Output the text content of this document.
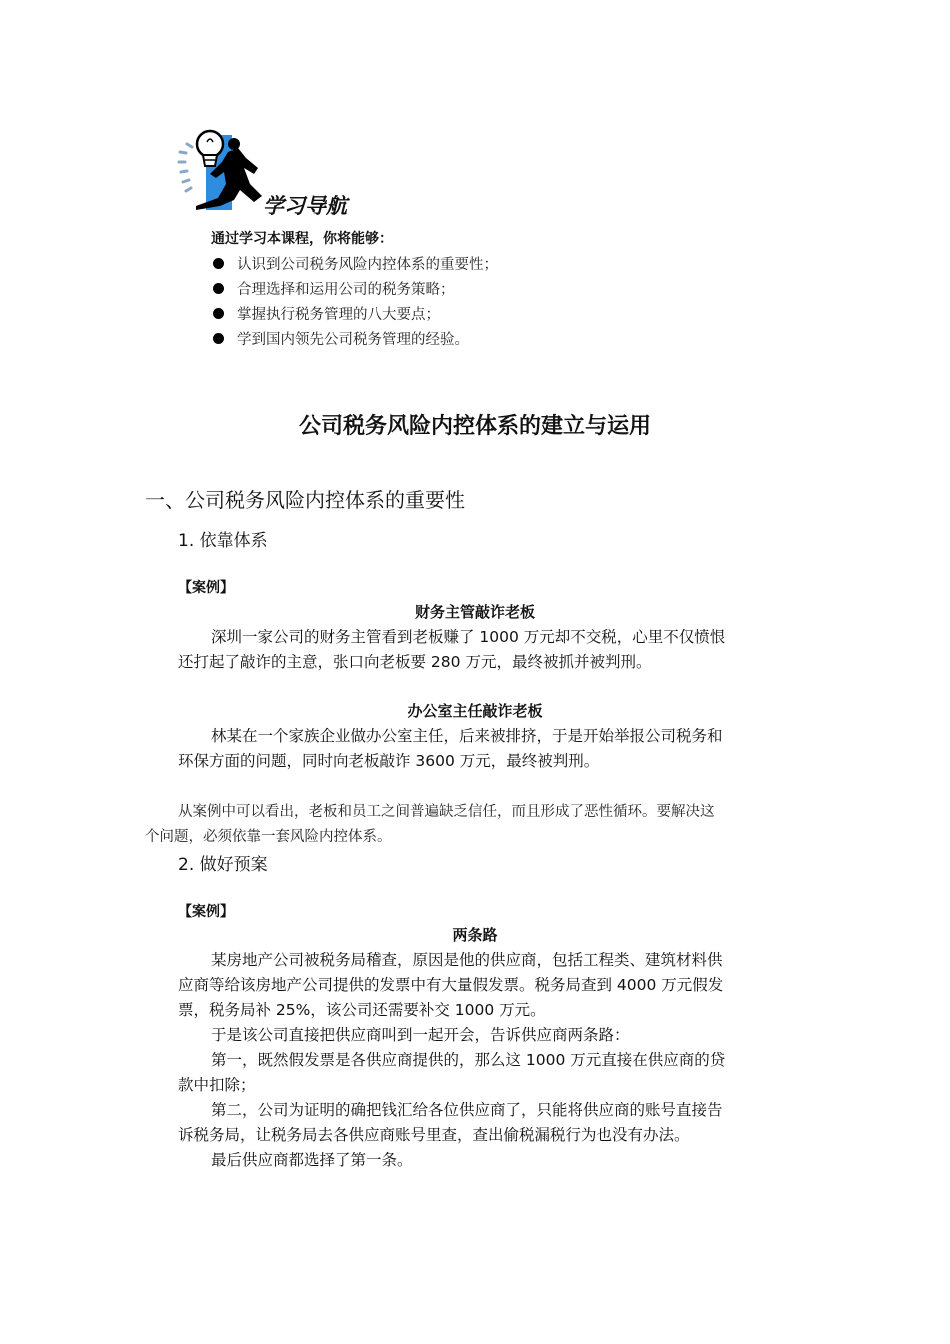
学习导航
通过学习本课程，你将能够：
认识到公司税务风险内控体系的重要性；
合理选择和运用公司的税务策略；
掌握执行税务管理的八大要点；
学到国内领先公司税务管理的经验。
公司税务风险内控体系的建立与运用
一、公司税务风险内控体系的重要性
1. 依靠体系
【案例】
财务主管敲诈老板
深圳一家公司的财务主管看到老板赚了 1000 万元却不交税，心里不仅愤恨
还打起了敲诈的主意，张口向老板要 280 万元，最终被抓并被判刑。
办公室主任敲诈老板
林某在一个家族企业做办公室主任，后来被排挤，于是开始举报公司税务和
环保方面的问题，同时向老板敲诈 3600 万元，最终被判刑。
从案例中可以看出，老板和员工之间普遍缺乏信任，而且形成了恶性循环。要解决这
个问题，必须依靠一套风险内控体系。
2. 做好预案
【案例】
两条路
某房地产公司被税务局稽查，原因是他的供应商，包括工程类、建筑材料供
应商等给该房地产公司提供的发票中有大量假发票。税务局查到 4000 万元假发
票，税务局补 25%，该公司还需要补交 1000 万元。
于是该公司直接把供应商叫到一起开会，告诉供应商两条路：
第一，既然假发票是各供应商提供的，那么这 1000 万元直接在供应商的贷
款中扣除；
第二，公司为证明的确把钱汇给各位供应商了，只能将供应商的账号直接告
诉税务局，让税务局去各供应商账号里查，查出偷税漏税行为也没有办法。
最后供应商都选择了第一条。
